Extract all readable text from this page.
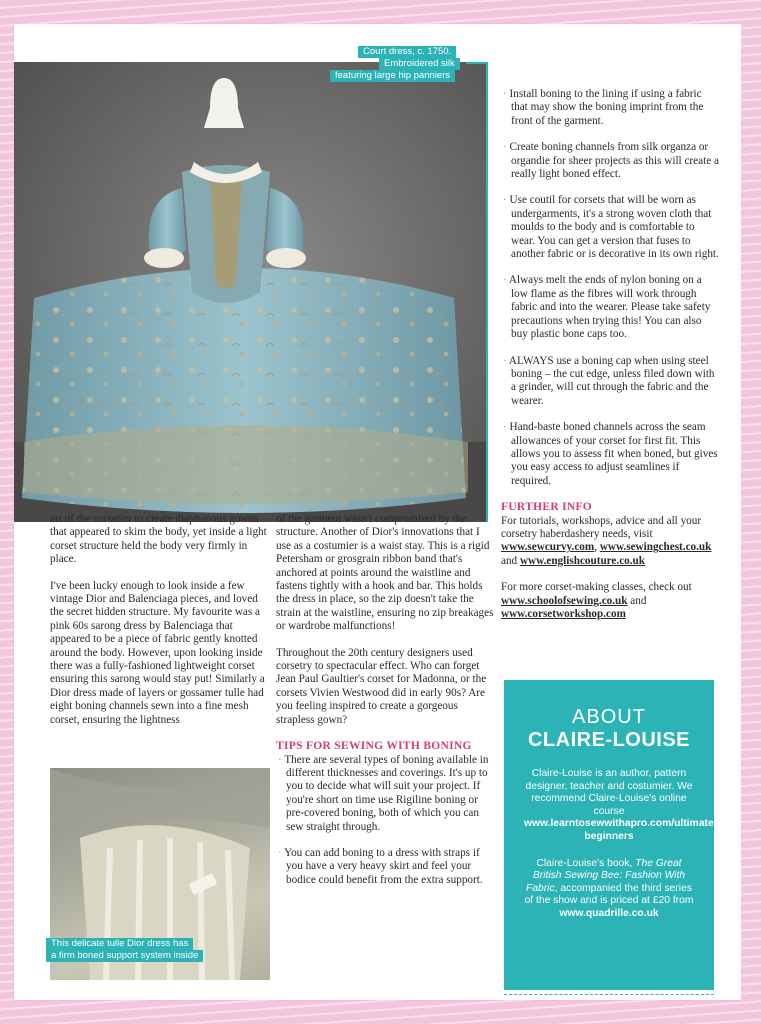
Court dress, c. 1750.
Embroidered silk
featuring large hip panniers

art of the corsetier to create diaphanous gowns that appeared to skim the body, yet inside a light corset structure held the body very firmly in place.

I've been lucky enough to look inside a few vintage Dior and Balenciaga pieces, and loved the secret hidden structure. My favourite was a pink 60s sarong dress by Balenciaga that appeared to be a piece of fabric gently knotted around the body. However, upon looking inside there was a fully-fashioned lightweight corset ensuring this sarong would stay put! Similarly a Dior dress made of layers or gossamer tulle had eight boning channels sewn into a fine mesh corset, ensuring the lightness

This delicate tulle Dior dress has
a firm boned support system inside

of the garment wasn't compromised by the structure. Another of Dior's innovations that I use as a costumier is a waist stay. This is a rigid Petersham or grosgrain ribbon band that's anchored at points around the waistline and fastens tightly with a hook and bar. This holds the dress in place, so the zip doesn't take the strain at the waistline, ensuring no zip breakages or wardrobe malfunctions!

Throughout the 20th century designers used corsetry to spectacular effect. Who can forget Jean Paul Gaultier's corset for Madonna, or the corsets Vivien Westwood did in early 90s? Are you feeling inspired to create a gorgeous strapless gown?

TIPS FOR SEWING WITH BONING
· There are several types of boning available in different thicknesses and coverings. It's up to you to decide what will suit your project. If you're short on time use Rigiline boning or pre-covered boning, both of which you can sew straight through.
· You can add boning to a dress with straps if you have a very heavy skirt and feel your bodice could benefit from the extra support.
· Install boning to the lining if using a fabric that may show the boning imprint from the front of the garment.
· Create boning channels from silk organza or organdie for sheer projects as this will create a really light boned effect.
· Use coutil for corsets that will be worn as undergarments, it's a strong woven cloth that moulds to the body and is comfortable to wear. You can get a version that fuses to another fabric or is decorative in its own right.
· Always melt the ends of nylon boning on a low flame as the fibres will work through fabric and into the wearer. Please take safety precautions when trying this! You can also buy plastic bone caps too.
· ALWAYS use a boning cap when using steel boning – the cut edge, unless filed down with a grinder, will cut through the fabric and the wearer.
· Hand-baste boned channels across the seam allowances of your corset for first fit. This allows you to assess fit when boned, but gives you easy access to adjust seamlines if required.
FURTHER INFO

For tutorials, workshops, advice and all your corsetry haberdashery needs, visit www.sewcurvy.com, www.sewingchest.co.uk and www.englishcouture.co.uk

For more corset-making classes, check out www.schoolofsewing.co.uk and www.corsetworkshop.com

ABOUT
CLAIRE-LOUISE
Claire-Louise is an author, pattern designer, teacher and costumier. We recommend Claire-Louise's online course www.learntosewwithapro.com/ultimate-beginners
Claire-Louise's book, The Great British Sewing Bee: Fashion With Fabric, accompanied the third series of the show and is priced at £20 from www.quadrille.co.uk
